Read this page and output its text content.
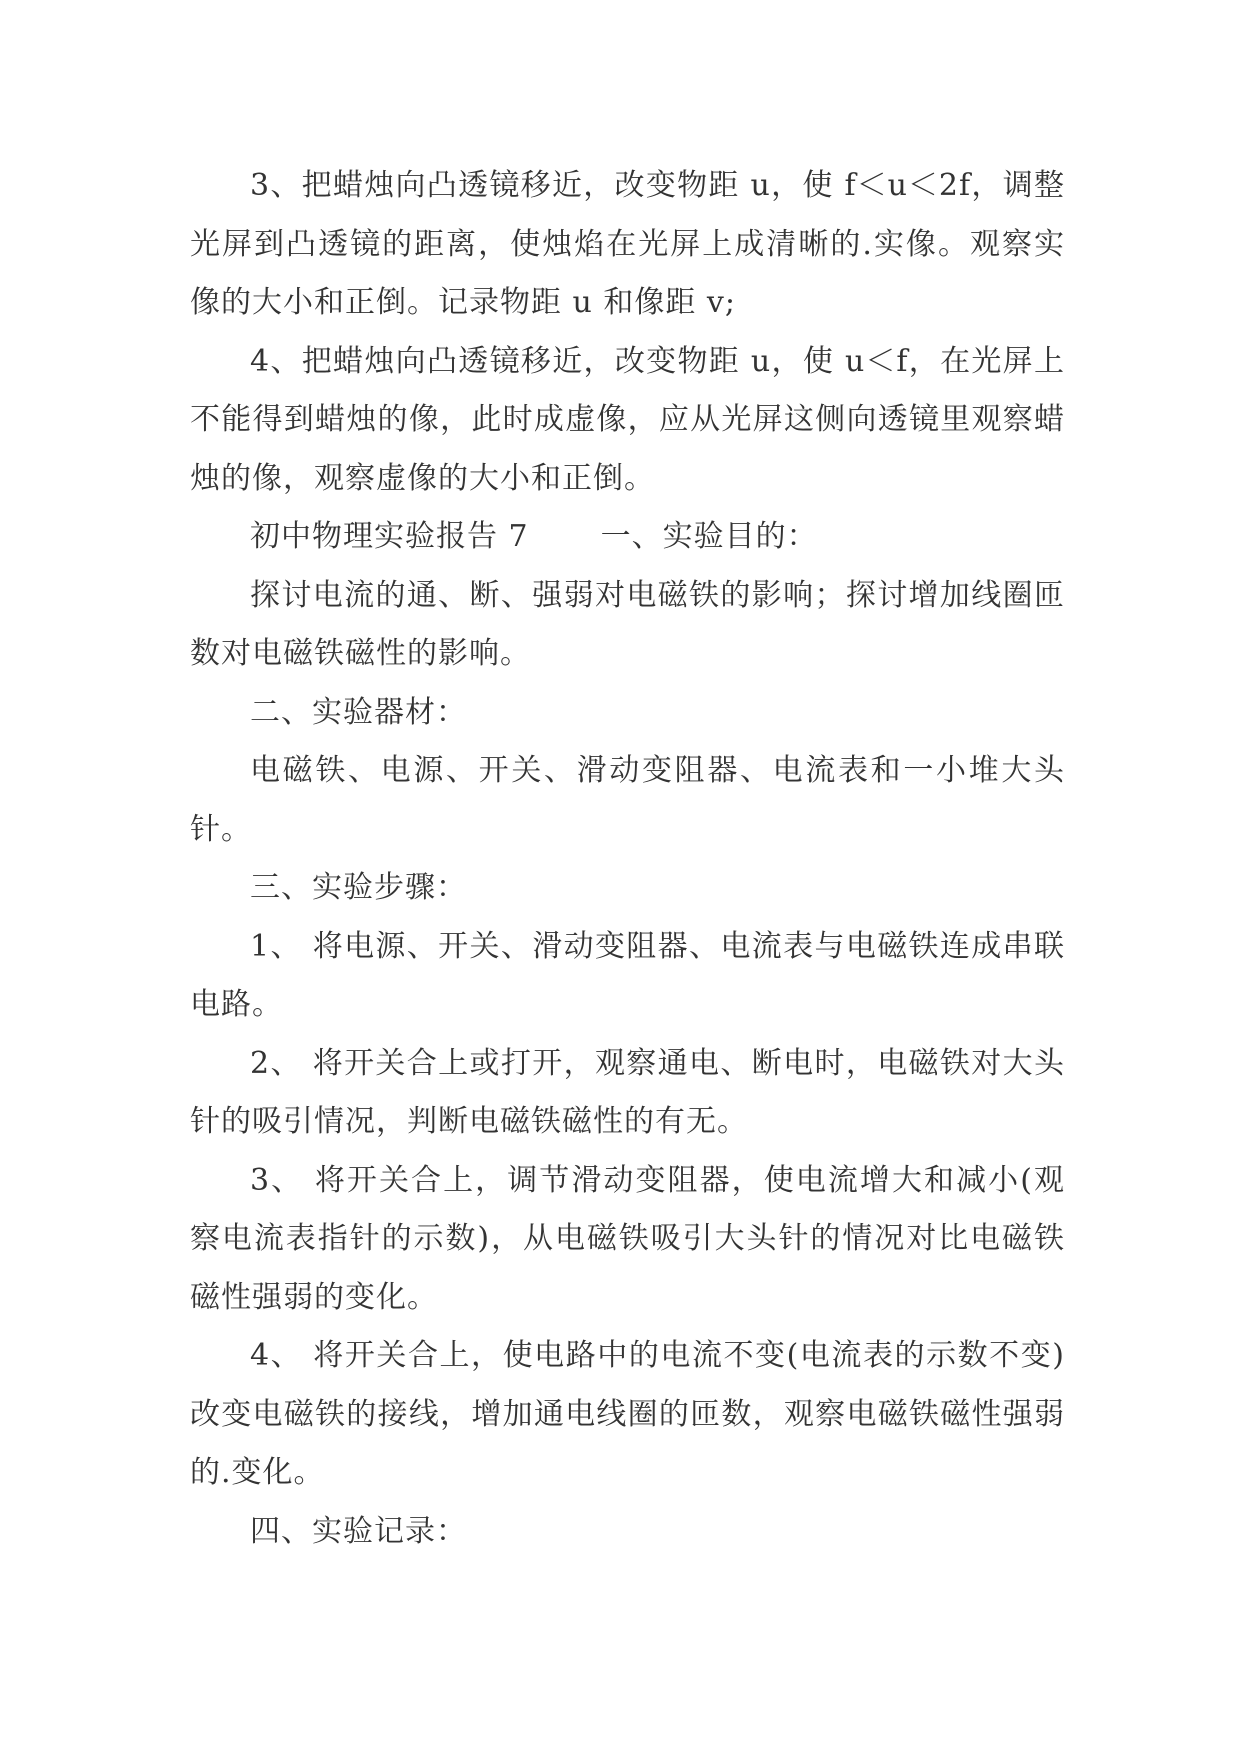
3、把蜡烛向凸透镜移近，改变物距 u，使 f＜u＜2f，调整光屏到凸透镜的距离，使烛焰在光屏上成清晰的.实像。观察实像的大小和正倒。记录物距 u 和像距 v;

4、把蜡烛向凸透镜移近，改变物距 u，使 u＜f，在光屏上不能得到蜡烛的像，此时成虚像，应从光屏这侧向透镜里观察蜡烛的像，观察虚像的大小和正倒。

初中物理实验报告 7 一、实验目的：

探讨电流的通、断、强弱对电磁铁的影响；探讨增加线圈匝数对电磁铁磁性的影响。

二、实验器材：

电磁铁、电源、开关、滑动变阻器、电流表和一小堆大头针。

三、实验步骤：

1、 将电源、开关、滑动变阻器、电流表与电磁铁连成串联电路。

2、 将开关合上或打开，观察通电、断电时，电磁铁对大头针的吸引情况，判断电磁铁磁性的有无。

3、 将开关合上，调节滑动变阻器，使电流增大和减小(观察电流表指针的示数)，从电磁铁吸引大头针的情况对比电磁铁磁性强弱的变化。

4、 将开关合上，使电路中的电流不变(电流表的示数不变)改变电磁铁的接线，增加通电线圈的匝数，观察电磁铁磁性强弱的.变化。

四、实验记录：
